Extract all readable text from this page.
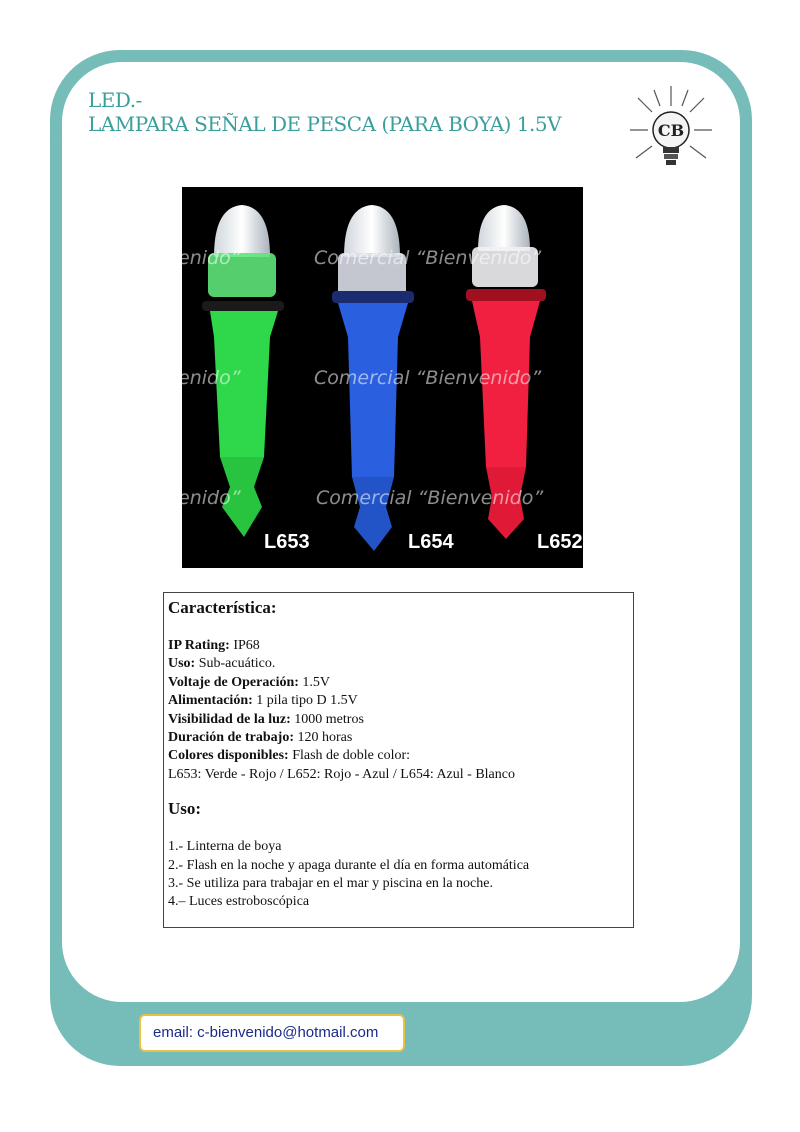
“	“
“
“
“
“
LED.-
LAMPARA SEÑAL DE PESCA (PARA BOYA) 1.5V	CB
enido”	Comercial “Bienvenido”
enido”	Comercial “Bienvenido”
enido”	Comercial “Bienvenido”
L653	L654	L652
Característica:
IP Rating: IP68
Uso: Sub-acuático.
Voltaje de Operación: 1.5V
Alimentación: 1 pila tipo D 1.5V
Visibilidad de la luz: 1000 metros
Duración de trabajo: 120 horas
Colores disponibles: Flash de doble color:
L653: Verde - Rojo / L652: Rojo - Azul / L654: Azul - Blanco
Uso:
1.- Linterna de boya
2.- Flash en la noche y apaga durante el día en forma automática
3.- Se utiliza para trabajar en el mar y piscina en la noche.
4.– Luces estroboscópica
email: c-bienvenido@hotmail.com
